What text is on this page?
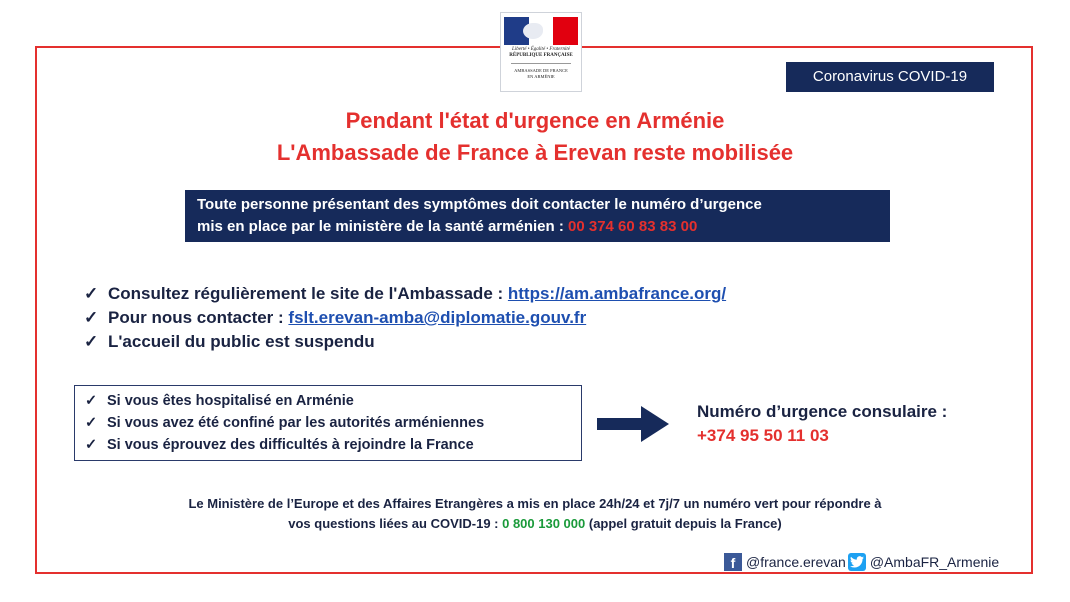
Liberté • Égalité • Fraternité
RÉPUBLIQUE FRANÇAISE
AMBASSADE DE FRANCE
EN ARMÉNIE	Coronavirus COVID-19
Pendant l'état d'urgence en Arménie
L'Ambassade de France à Erevan reste mobilisée
Toute personne présentant des symptômes doit contacter le numéro d’urgence
mis en place par le ministère de la santé arménien : 00 374 60 83 83 00
✓ Consultez régulièrement le site de l'Ambassade : https://am.ambafrance.org/
✓ Pour nous contacter : fslt.erevan-amba@diplomatie.gouv.fr
✓ L'accueil du public est suspendu
✓ Si vous êtes hospitalisé en Arménie
✓ Si vous avez été confiné par les autorités arméniennes
✓ Si vous éprouvez des difficultés à rejoindre la France
Numéro d’urgence consulaire :
+374 95 50 11 03
Le Ministère de l’Europe et des Affaires Etrangères a mis en place 24h/24 et 7j/7 un numéro vert pour répondre à
vos questions liées au COVID-19 : 0 800 130 000 (appel gratuit depuis la France)
f @france.erevan @AmbaFR_Armenie
